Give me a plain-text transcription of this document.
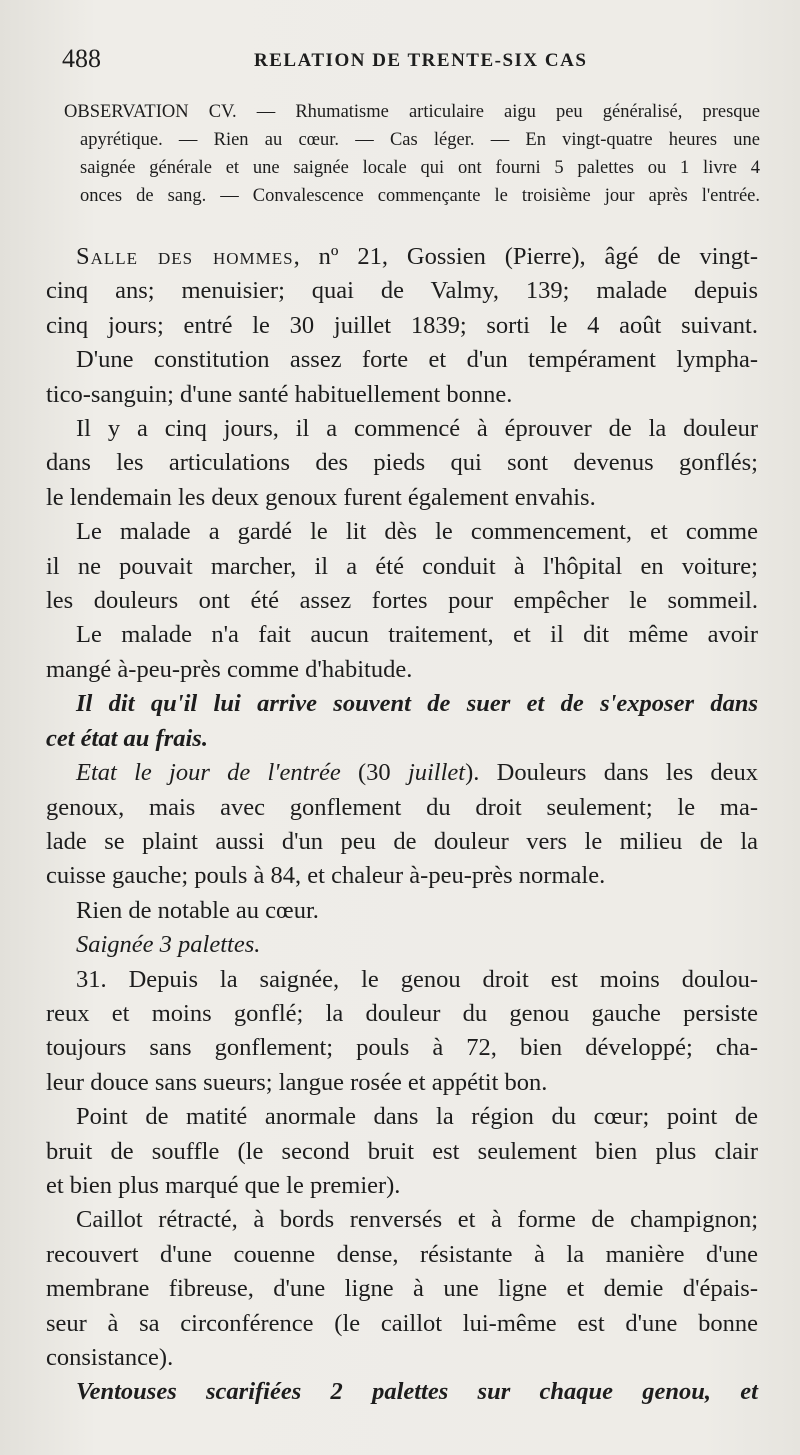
488	RELATION DE TRENTE-SIX CAS
OBSERVATION CV. — Rhumatisme articulaire aigu peu généralisé, presque
apyrétique. — Rien au cœur. — Cas léger. — En vingt-quatre heures une
saignée générale et une saignée locale qui ont fourni 5 palettes ou 1 livre 4
onces de sang. — Convalescence commençante le troisième jour après l'entrée.
Salle des hommes, nº 21, Gossien (Pierre), âgé de vingt-
cinq ans; menuisier; quai de Valmy, 139; malade depuis
cinq jours; entré le 30 juillet 1839; sorti le 4 août suivant.
D'une constitution assez forte et d'un tempérament lympha-
tico-sanguin; d'une santé habituellement bonne.
Il y a cinq jours, il a commencé à éprouver de la douleur
dans les articulations des pieds qui sont devenus gonflés;
le lendemain les deux genoux furent également envahis.
Le malade a gardé le lit dès le commencement, et comme
il ne pouvait marcher, il a été conduit à l'hôpital en voiture;
les douleurs ont été assez fortes pour empêcher le sommeil.
Le malade n'a fait aucun traitement, et il dit même avoir
mangé à-peu-près comme d'habitude.
Il dit qu'il lui arrive souvent de suer et de s'exposer dans
cet état au frais.
Etat le jour de l'entrée (30 juillet). Douleurs dans les deux
genoux, mais avec gonflement du droit seulement; le ma-
lade se plaint aussi d'un peu de douleur vers le milieu de la
cuisse gauche; pouls à 84, et chaleur à-peu-près normale.
Rien de notable au cœur.
Saignée 3 palettes.
31. Depuis la saignée, le genou droit est moins doulou-
reux et moins gonflé; la douleur du genou gauche persiste
toujours sans gonflement; pouls à 72, bien développé; cha-
leur douce sans sueurs; langue rosée et appétit bon.
Point de matité anormale dans la région du cœur; point de
bruit de souffle (le second bruit est seulement bien plus clair
et bien plus marqué que le premier).
Caillot rétracté, à bords renversés et à forme de champignon;
recouvert d'une couenne dense, résistante à la manière d'une
membrane fibreuse, d'une ligne à une ligne et demie d'épais-
seur à sa circonférence (le caillot lui-même est d'une bonne
consistance).
Ventouses scarifiées 2 palettes sur chaque genou, et
